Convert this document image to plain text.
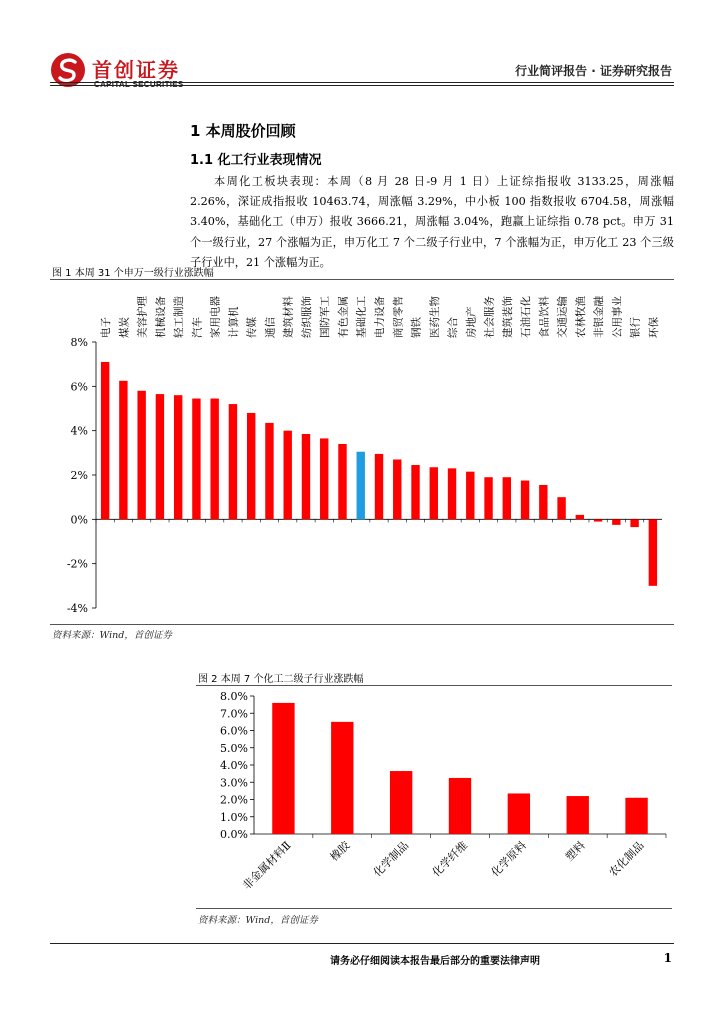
首创证券
CAPITAL SECURITIES
行业简评报告 · 证券研究报告
1 本周股价回顾
1.1 化工行业表现情况

本周化工板块表现：本周（8 月 28 日-9 月 1 日）上证综指报收 3133.25，周涨幅 2.26%，深证成指报收 10463.74，周涨幅 3.29%，中小板 100 指数报收 6704.58，周涨幅 3.40%，基础化工（申万）报收 3666.21，周涨幅 3.04%，跑赢上证综指 0.78 pct。申万 31 个一级行业，27 个涨幅为正，申万化工 7 个二级子行业中，7 个涨幅为正，申万化工 23 个三级子行业中，21 个涨幅为正。

图 1 本周 31 个申万一级行业涨跌幅
8%
6%
4%
2%
0%
-2%
-4%
电子 煤炭 美容护理 机械设备 轻工制造 汽车 家用电器 计算机 传媒 通信 建筑材料 纺织服饰 国防军工 有色金属 基础化工 电力设备 商贸零售 钢铁 医药生物 综合 房地产 社会服务 建筑装饰 石油石化 食品饮料 交通运输 农林牧渔 非银金融 公用事业 银行 环保
资料来源：Wind，首创证券
图 2 本周 7 个化工二级子行业涨跌幅
8.0%
7.0%
6.0%
5.0%
4.0%
3.0%
2.0%
1.0%
0.0%
非金属材料Ⅱ	橡胶 化学制品 化学纤维 化学原料	塑料 农化制品
资料来源：Wind，首创证券
请务必仔细阅读本报告最后部分的重要法律声明	1
